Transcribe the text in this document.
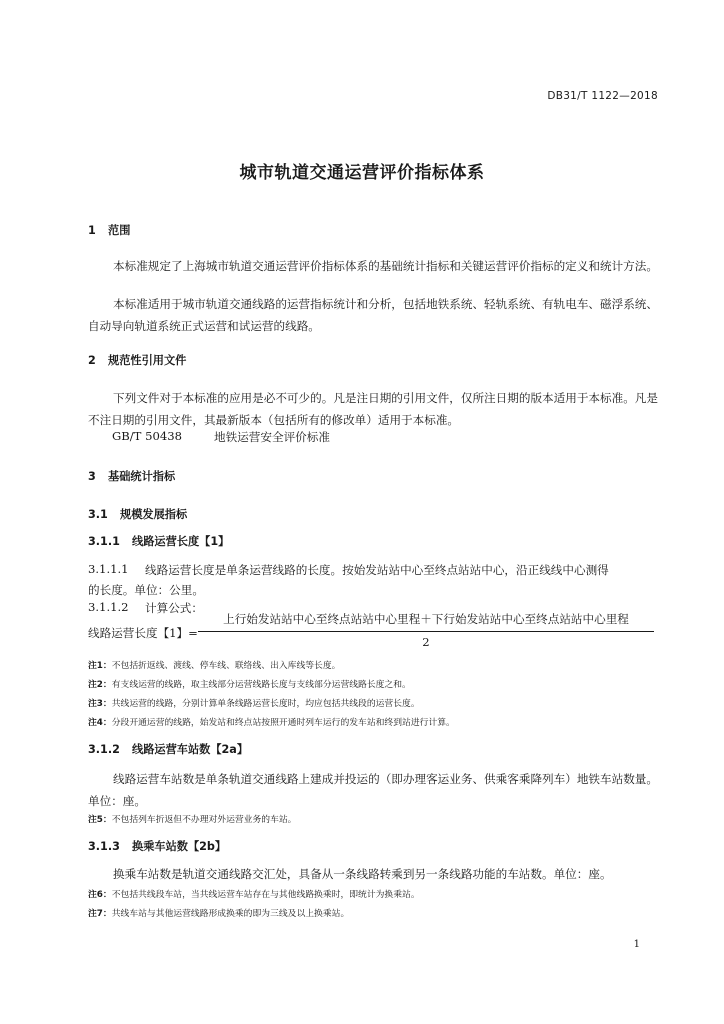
DB31/T 1122—2018
城市轨道交通运营评价指标体系
1 范围
本标准规定了上海城市轨道交通运营评价指标体系的基础统计指标和关键运营评价指标的定义和统计方法。
本标准适用于城市轨道交通线路的运营指标统计和分析，包括地铁系统、轻轨系统、有轨电车、磁浮系统、自动导向轨道系统正式运营和试运营的线路。
2 规范性引用文件
下列文件对于本标准的应用是必不可少的。凡是注日期的引用文件，仅所注日期的版本适用于本标准。凡是不注日期的引用文件，其最新版本（包括所有的修改单）适用于本标准。
GB/T 50438	地铁运营安全评价标准
3 基础统计指标
3.1 规模发展指标
3.1.1 线路运营长度【1】
3.1.1.1 线路运营长度是单条运营线路的长度。按始发站站中心至终点站站中心，沿正线线中心测得
的长度。单位：公里。
3.1.1.2 计算公式：
线路运营长度【1】=
上行始发站站中心至终点站站中心里程＋下行始发站站中心至终点站站中心里程
2
注1：不包括折返线、渡线、停车线、联络线、出入库线等长度。
注2：有支线运营的线路，取主线部分运营线路长度与支线部分运营线路长度之和。
注3：共线运营的线路，分别计算单条线路运营长度时，均应包括共线段的运营长度。
注4：分段开通运营的线路，始发站和终点站按照开通时列车运行的发车站和终到站进行计算。
3.1.2 线路运营车站数【2a】
线路运营车站数是单条轨道交通线路上建成并投运的（即办理客运业务、供乘客乘降列车）地铁车站数量。单位：座。
注5：不包括列车折返但不办理对外运营业务的车站。
3.1.3 换乘车站数【2b】
换乘车站数是轨道交通线路交汇处，具备从一条线路转乘到另一条线路功能的车站数。单位：座。
注6：不包括共线段车站，当共线运营车站存在与其他线路换乘时，即统计为换乘站。
注7：共线车站与其他运营线路形成换乘的即为三线及以上换乘站。
1
